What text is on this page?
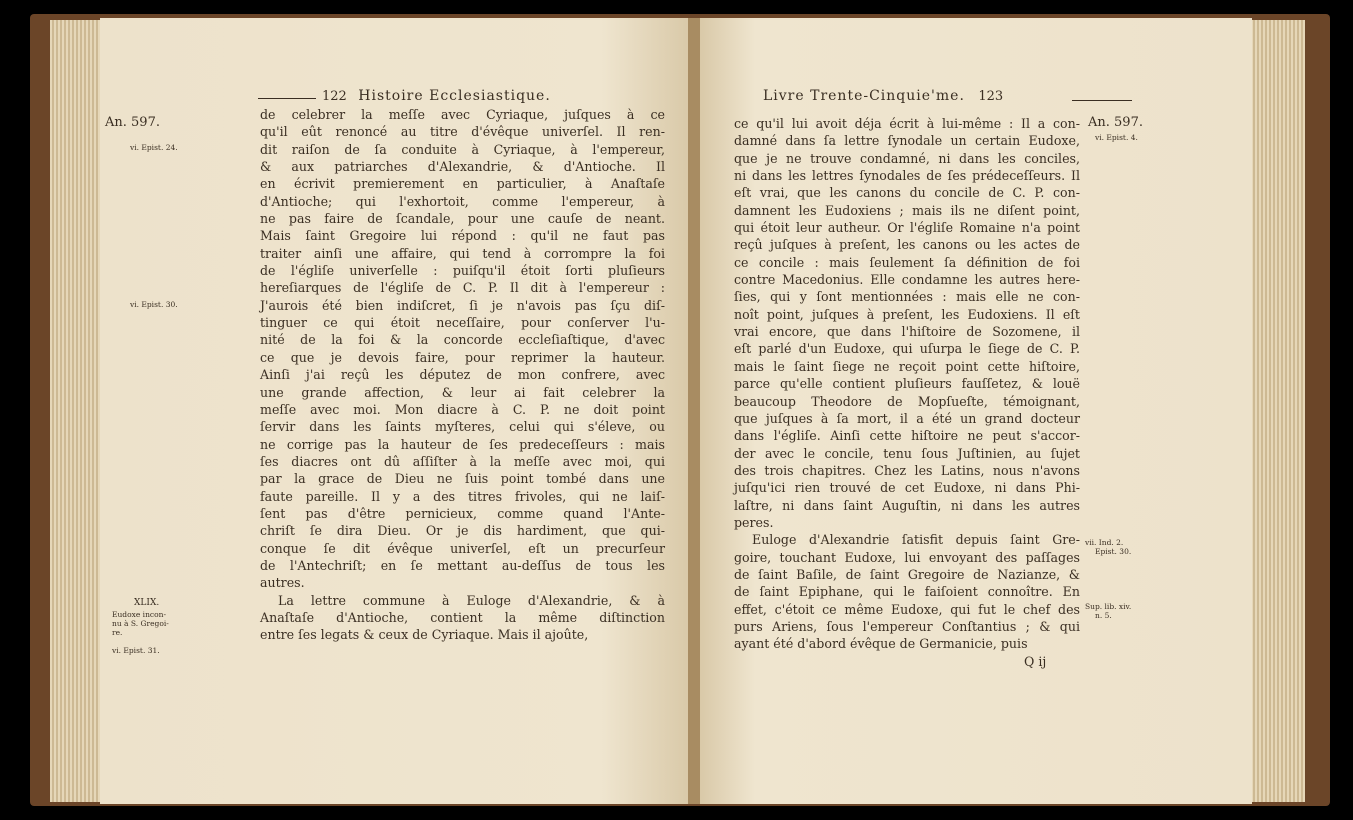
122 Histoire Ecclesiastique.
An. 597.
vi. Epist. 24.
vi. Epist. 30.
XLIX.
Eudoxe incon-
nu à S. Gregoi-
re.
vi. Epist. 31.
de celebrer la meſſe avec Cyriaque, juſques à ce
qu'il eût renoncé au titre d'évêque univerſel. Il ren-
dit raiſon de ſa conduite à Cyriaque, à l'empereur,
& aux patriarches d'Alexandrie, & d'Antioche. Il
en écrivit premierement en particulier, à Anaſtaſe
d'Antioche; qui l'exhortoit, comme l'empereur, à
ne pas faire de ſcandale, pour une cauſe de neant.
Mais ſaint Gregoire lui répond : qu'il ne faut pas
traiter ainſi une affaire, qui tend à corrompre la foi
de l'égliſe univerſelle : puiſqu'il étoit ſorti pluſieurs
hereſiarques de l'égliſe de C. P. Il dit à l'empereur :
J'aurois été bien indiſcret, ſi je n'avois pas ſçu diſ-
tinguer ce qui étoit neceſſaire, pour conſerver l'u-
nité de la foi & la concorde eccleſiaſtique, d'avec
ce que je devois faire, pour reprimer la hauteur.
Ainſi j'ai reçû les députez de mon confrere, avec
une grande affection, & leur ai fait celebrer la
meſſe avec moi. Mon diacre à C. P. ne doit point
ſervir dans les ſaints myſteres, celui qui s'éleve, ou
ne corrige pas la hauteur de ſes predeceſſeurs : mais
ſes diacres ont dû aſſiſter à la meſſe avec moi, qui
par la grace de Dieu ne ſuis point tombé dans une
faute pareille. Il y a des titres frivoles, qui ne laiſ-
ſent pas d'être pernicieux, comme quand l'Ante-
chriſt ſe dira Dieu. Or je dis hardiment, que qui-
conque ſe dit évêque univerſel, eſt un precurſeur
de l'Antechriſt; en ſe mettant au-deſſus de tous les
autres.
La lettre commune à Euloge d'Alexandrie, & à
Anaſtaſe d'Antioche, contient la même diſtinction
entre ſes legats & ceux de Cyriaque. Mais il ajoûte,
Livre Trente-Cinquie'me. 123
An. 597.
vi. Epist. 4.
vii. Ind. 2.
Epist. 30.
Sup. lib. xiv.
n. 5.
ce qu'il lui avoit déja écrit à lui-même : Il a con-
damné dans ſa lettre ſynodale un certain Eudoxe,
que je ne trouve condamné, ni dans les conciles,
ni dans les lettres ſynodales de ſes prédeceſſeurs. Il
eſt vrai, que les canons du concile de C. P. con-
damnent les Eudoxiens ; mais ils ne diſent point,
qui étoit leur autheur. Or l'égliſe Romaine n'a point
reçû juſques à preſent, les canons ou les actes de
ce concile : mais ſeulement ſa définition de foi
contre Macedonius. Elle condamne les autres here-
ſies, qui y ſont mentionnées : mais elle ne con-
noît point, juſques à preſent, les Eudoxiens. Il eſt
vrai encore, que dans l'hiſtoire de Sozomene, il
eſt parlé d'un Eudoxe, qui uſurpa le ſiege de C. P.
mais le ſaint ſiege ne reçoit point cette hiſtoire,
parce qu'elle contient pluſieurs fauſſetez, & louë
beaucoup Theodore de Mopſueſte, témoignant,
que juſques à ſa mort, il a été un grand docteur
dans l'égliſe. Ainſi cette hiſtoire ne peut s'accor-
der avec le concile, tenu ſous Juſtinien, au ſujet
des trois chapitres. Chez les Latins, nous n'avons
juſqu'ici rien trouvé de cet Eudoxe, ni dans Phi-
laſtre, ni dans ſaint Auguſtin, ni dans les autres
peres.
Euloge d'Alexandrie ſatisfit depuis ſaint Gre-
goire, touchant Eudoxe, lui envoyant des paſſages
de ſaint Baſile, de ſaint Gregoire de Nazianze, &
de ſaint Epiphane, qui le faiſoient connoître. En
effet, c'étoit ce même Eudoxe, qui fut le chef des
purs Ariens, ſous l'empereur Conſtantius ; & qui
ayant été d'abord évêque de Germanicie, puis
Q ij
